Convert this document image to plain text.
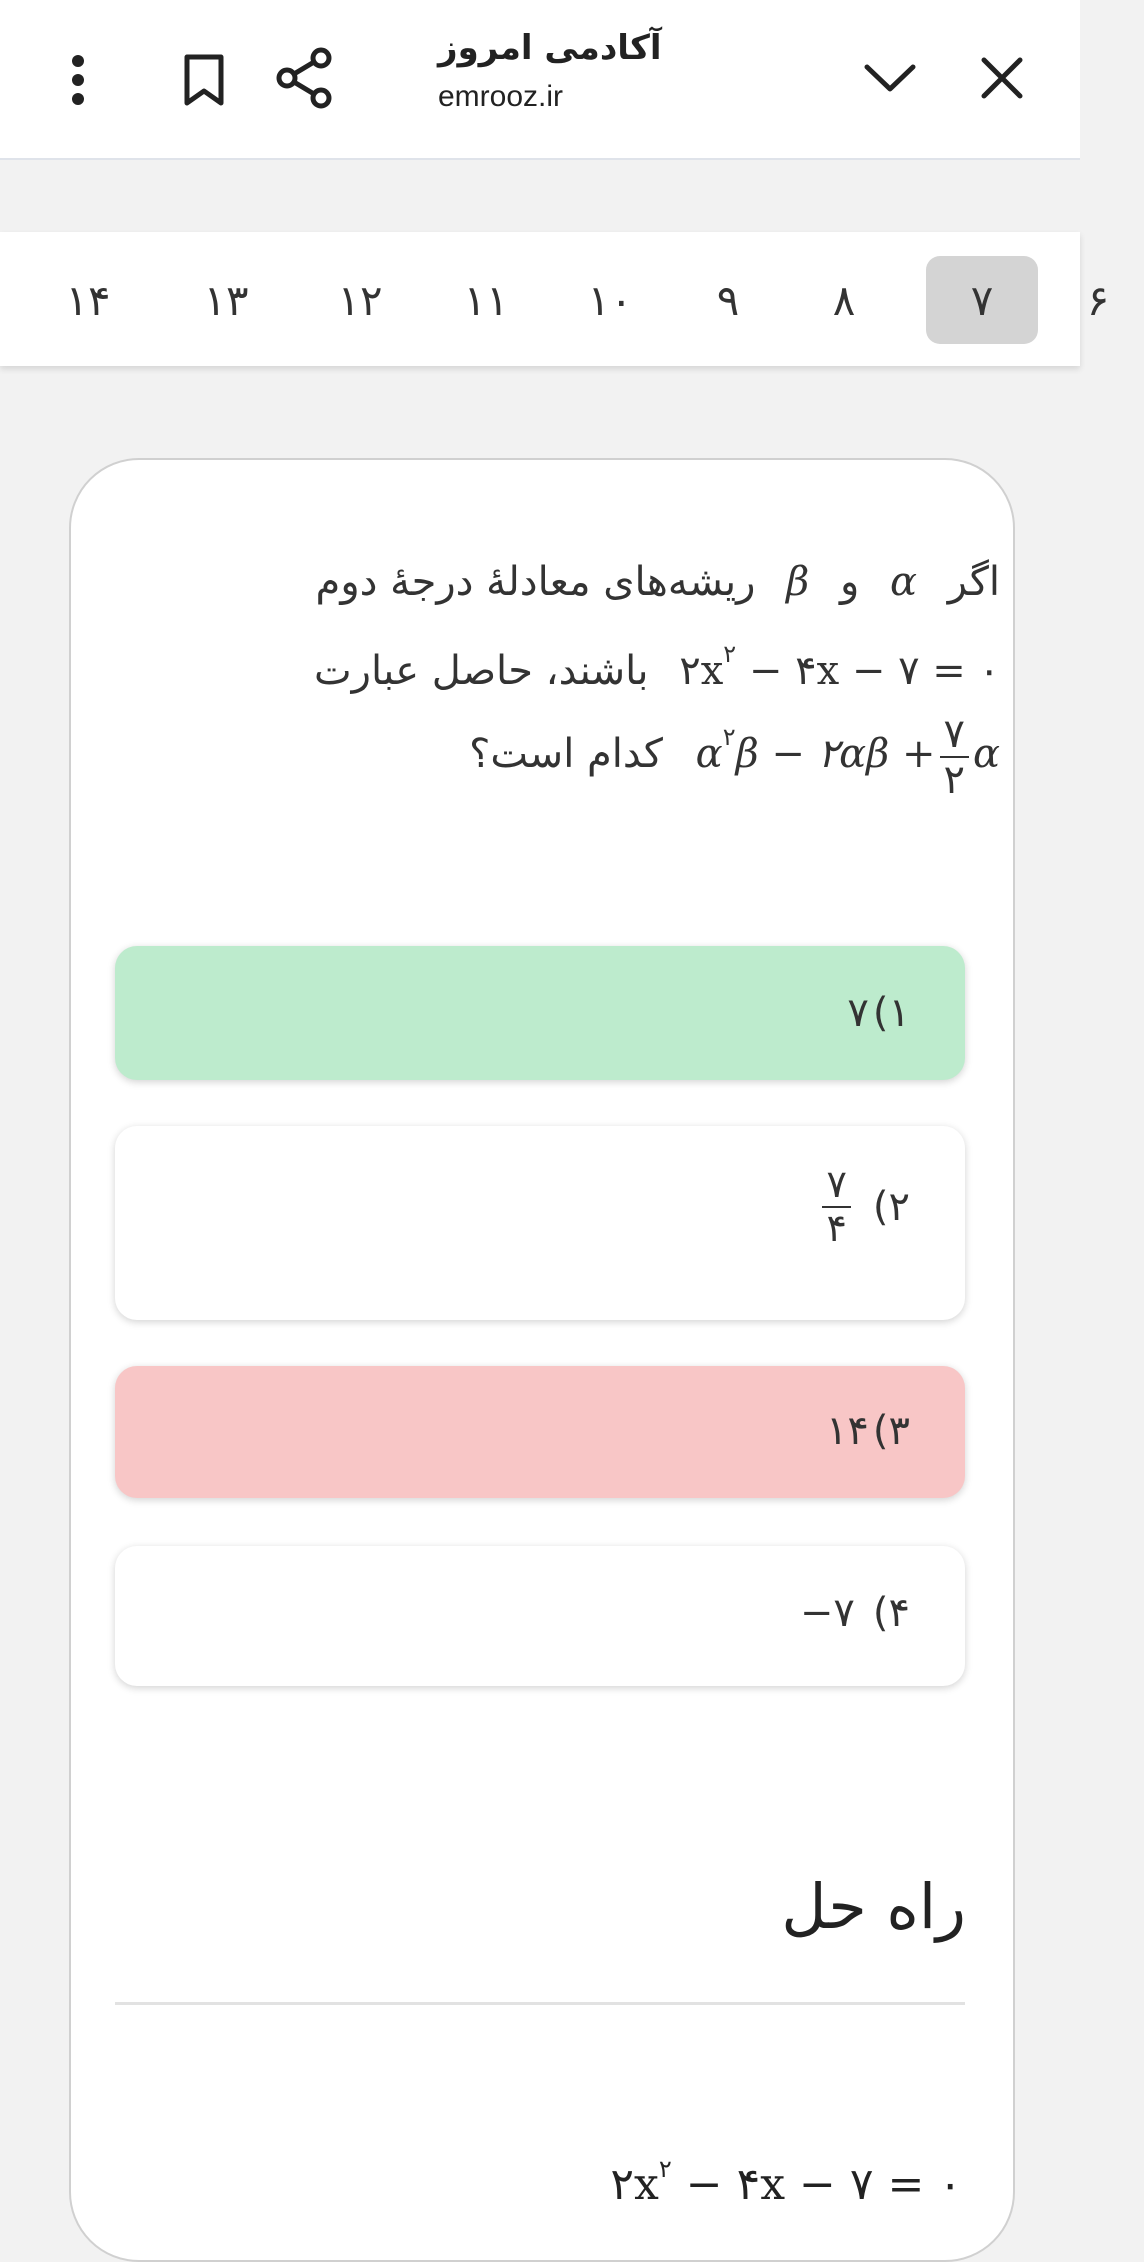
آکادمی امروز
emrooz.ir
۱۴	۱۳	۱۲	۱۱	۱۰	۹	۸	۷	۶
اگر α و β ریشه‌های معادلهٔ درجهٔ دوم
$۲x^۲$ − ۴x − ۷ = ۰ باشند، حاصل عبارت
$\alpha^۲\beta$ − ۲αβ + $\frac{۷}{۲}$ α کدام است؟
۱)
۷
۲)
$\frac{۷}{۴}$
۳)
۱۴
۴)
−۷
راه حل
$۲x^۲$ − ۴x − ۷ = ۰
